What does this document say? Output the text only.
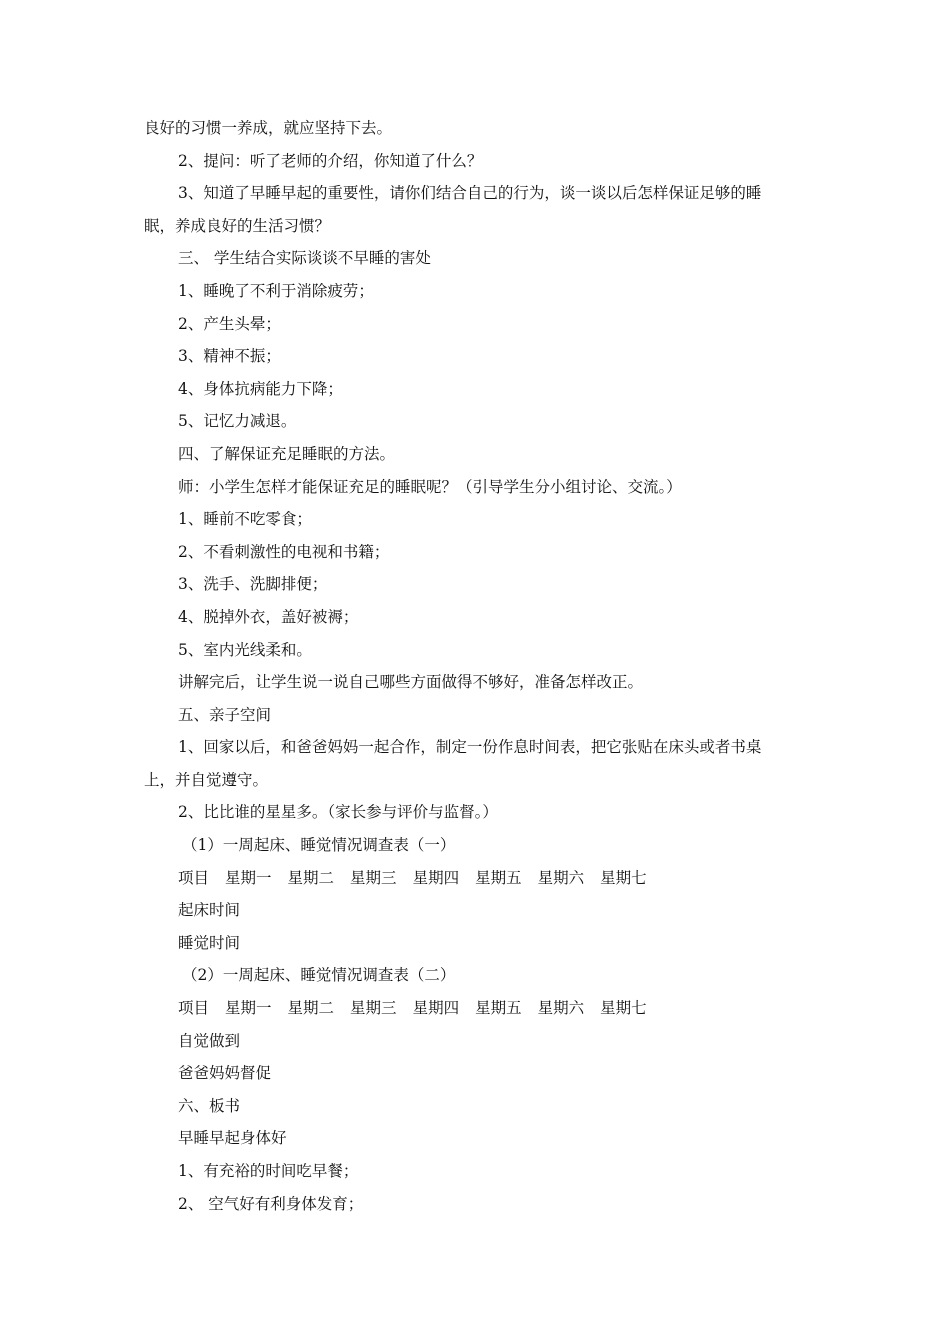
良好的习惯一养成，就应坚持下去。
2、提问：听了老师的介绍，你知道了什么？
3、知道了早睡早起的重要性，请你们结合自己的行为，谈一谈以后怎样保证足够的睡
眠，养成良好的生活习惯？
三、 学生结合实际谈谈不早睡的害处
1、睡晚了不利于消除疲劳；
2、产生头晕；
3、精神不振；
4、身体抗病能力下降；
5、记忆力减退。
四、了解保证充足睡眠的方法。
师：小学生怎样才能保证充足的睡眠呢？（引导学生分小组讨论、交流。）
1、睡前不吃零食；
2、不看刺激性的电视和书籍；
3、洗手、洗脚排便；
4、脱掉外衣，盖好被褥；
5、室内光线柔和。
讲解完后，让学生说一说自己哪些方面做得不够好，准备怎样改正。
五、亲子空间
1、回家以后，和爸爸妈妈一起合作，制定一份作息时间表，把它张贴在床头或者书桌
上，并自觉遵守。
2、比比谁的星星多。（家长参与评价与监督。）
（1）一周起床、睡觉情况调查表（一）
项目 星期一 星期二 星期三 星期四 星期五 星期六 星期七
起床时间
睡觉时间
（2）一周起床、睡觉情况调查表（二）
项目 星期一 星期二 星期三 星期四 星期五 星期六 星期七
自觉做到
爸爸妈妈督促
六、板书
早睡早起身体好
1、有充裕的时间吃早餐；
2、 空气好有利身体发育；
